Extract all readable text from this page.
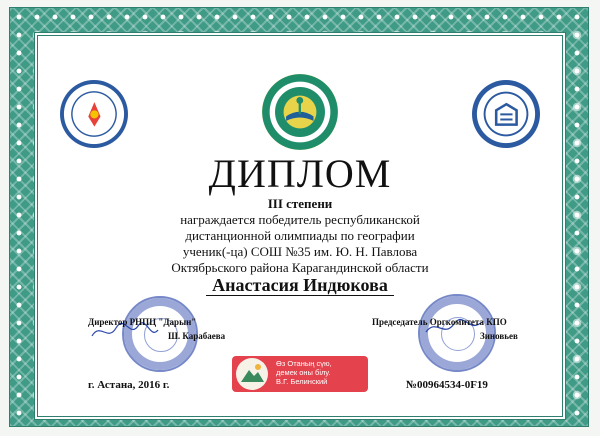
ДИПЛОМ
III степени
награждается победитель республиканской
дистанционной олимпиады по географии
ученик(-ца) СОШ №35 им. Ю. Н. Павлова
Октябрьского района Карагандинской области
Анастасия Индюкова
Директор РНПЦ "Дарын"
Ш. Карабаева
Председатель Оргкомитета КПО
Зиновьев
г. Астана, 2016 г.	№00964534-0F19
Өз Отаның сүю,
демек оны білу.
В.Г. Белинский
